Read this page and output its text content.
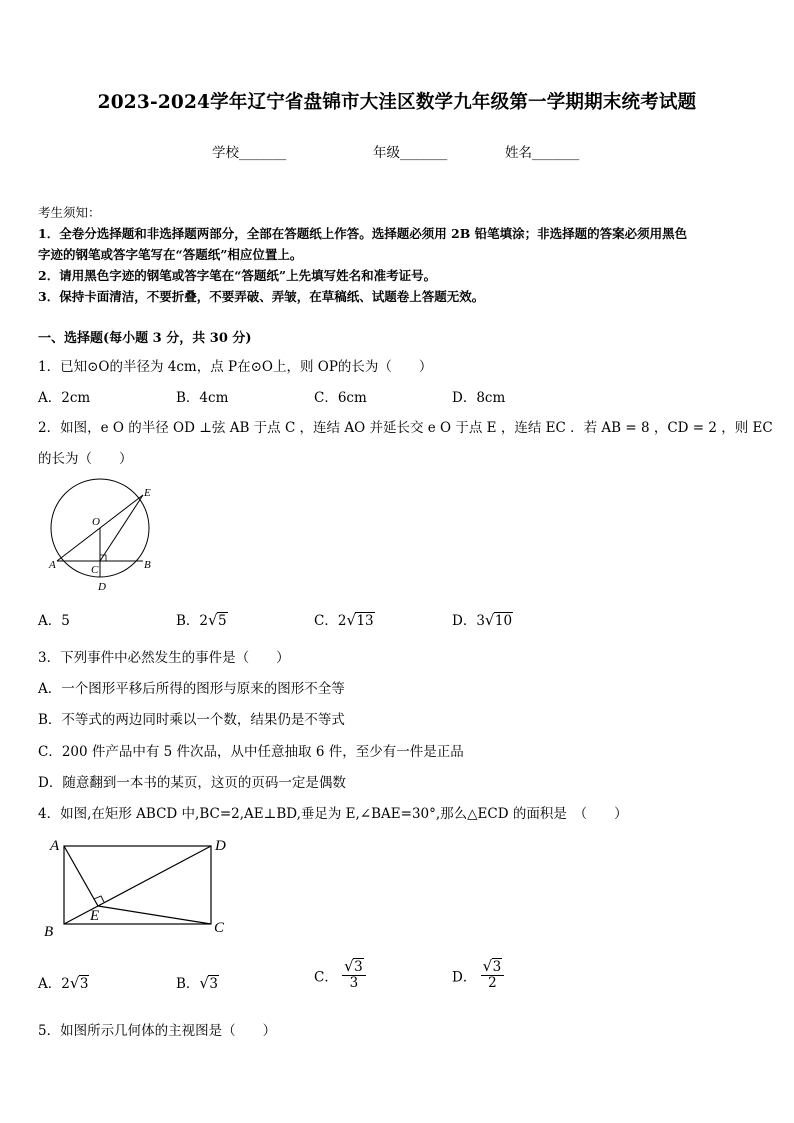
2023-2024学年辽宁省盘锦市大洼区数学九年级第一学期期末统考试题
学校_______	年级_______	姓名_______
考生须知：
1．全卷分选择题和非选择题两部分，全部在答题纸上作答。选择题必须用 2B 铅笔填涂；非选择题的答案必须用黑色
字迹的钢笔或答字笔写在“答题纸”相应位置上。
2．请用黑色字迹的钢笔或答字笔在“答题纸”上先填写姓名和准考证号。
3．保持卡面清洁，不要折叠，不要弄破、弄皱，在草稿纸、试题卷上答题无效。
一、选择题(每小题 3 分，共 30 分)
1．已知⊙O的半径为 4cm，点 P在⊙O上，则 OP的长为（　　）
A．2cm	B．4cm	C．6cm	D．8cm
2．如图，e O 的半径 OD ⊥弦 AB 于点 C ，连结 AO 并延长交 e O 于点 E ，连结 EC ．若 AB = 8 ，CD = 2 ，则 EC
的长为（　　）
E
O
A	C	B
D
A．5	B．2 √ 5	C．2 √ 13	D．3 √ 10
3．下列事件中必然发生的事件是（　　）
A．一个图形平移后所得的图形与原来的图形不全等
B．不等式的两边同时乘以一个数，结果仍是不等式
C．200 件产品中有 5 件次品，从中任意抽取 6 件，至少有一件是正品
D．随意翻到一本书的某页，这页的页码一定是偶数
4．如图,在矩形 ABCD 中,BC=2,AE⊥BD,垂足为 E,∠BAE=30°,那么△ECD 的面积是　（　　）
A	D
E
B	C
A．2 √ 3	B． √ 3	C． √ $\frac{3}{3}$	D． √ $\frac{3}{2}$
5．如图所示几何体的主视图是（　　）
